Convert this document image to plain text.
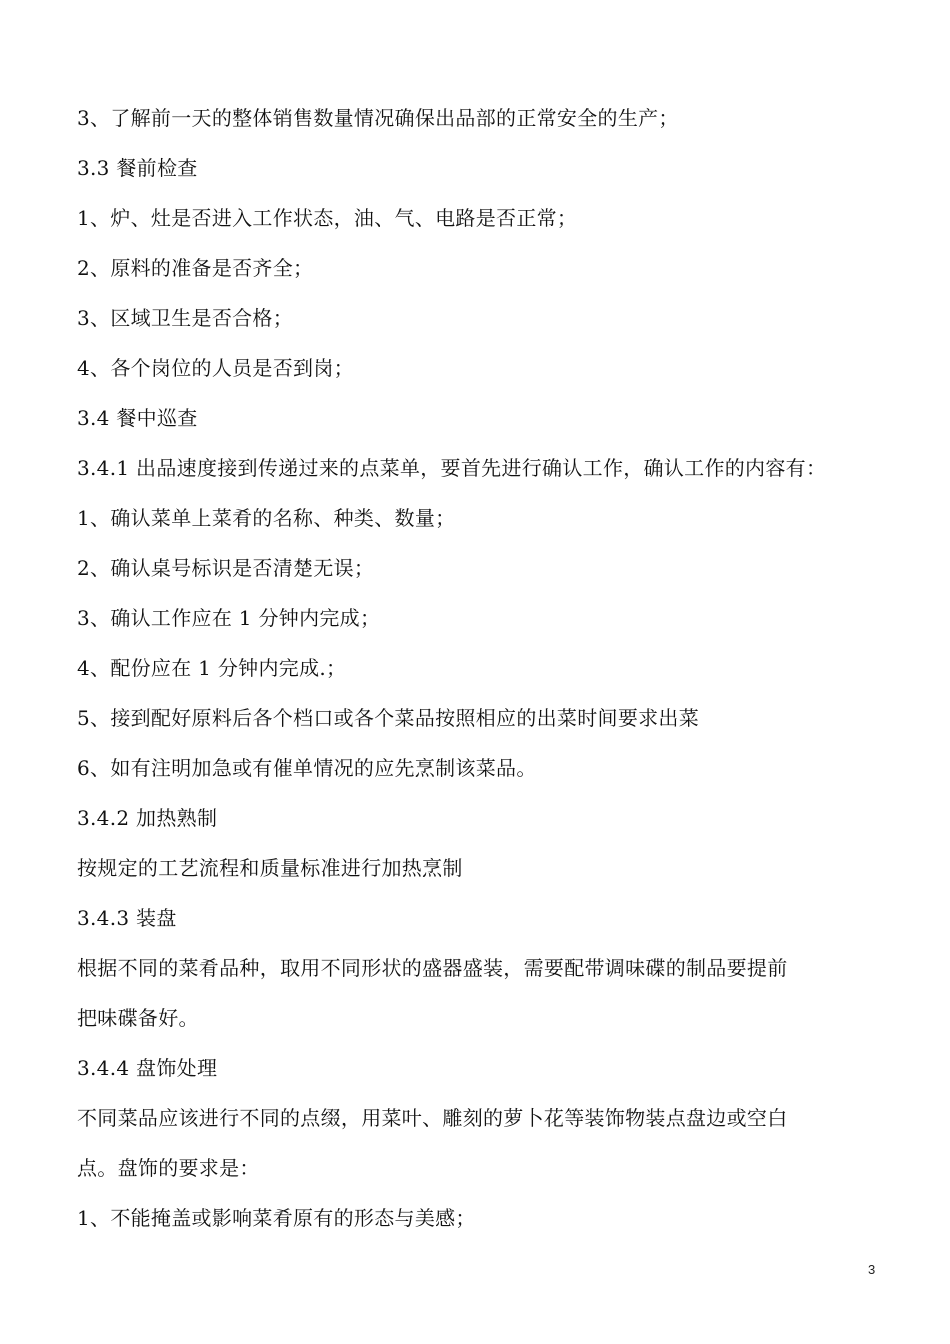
3、了解前一天的整体销售数量情况确保出品部的正常安全的生产；
3.3 餐前检查
1、炉、灶是否进入工作状态，油、气、电路是否正常；
2、原料的准备是否齐全；
3、区域卫生是否合格；
4、各个岗位的人员是否到岗；
3.4 餐中巡查
3.4.1 出品速度接到传递过来的点菜单，要首先进行确认工作，确认工作的内容有：
1、确认菜单上菜肴的名称、种类、数量；
2、确认桌号标识是否清楚无误；
3、确认工作应在 1 分钟内完成；
4、配份应在 1 分钟内完成.；
5、接到配好原料后各个档口或各个菜品按照相应的出菜时间要求出菜
6、如有注明加急或有催单情况的应先烹制该菜品。
3.4.2 加热熟制
按规定的工艺流程和质量标准进行加热烹制
3.4.3 装盘
根据不同的菜肴品种，取用不同形状的盛器盛装，需要配带调味碟的制品要提前
把味碟备好。
3.4.4 盘饰处理
不同菜品应该进行不同的点缀，用菜叶、雕刻的萝卜花等装饰物装点盘边或空白
点。盘饰的要求是：
1、不能掩盖或影响菜肴原有的形态与美感；
3
